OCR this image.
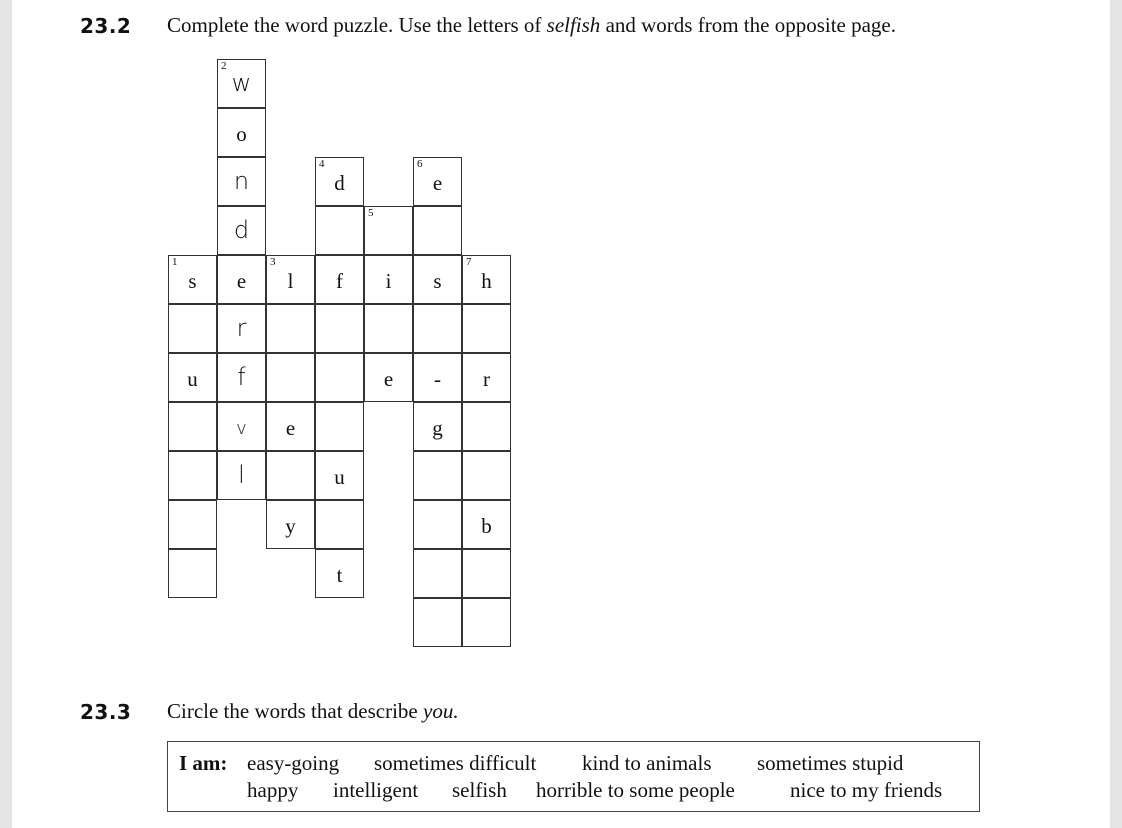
23.2 Complete the word puzzle. Use the letters of selfish and words from the opposite page.
2
w
o
n
4
d
6
e
d
5
1
s	e
3
l	f	i	s
7
h
r
u	f	e	-	r
v	e	g
l	u
y	b
t
23.3 Circle the words that describe you.
I am: easy-going sometimes difficult kind to animals sometimes stupid
happy intelligent selfish horrible to some people	nice to my friends
